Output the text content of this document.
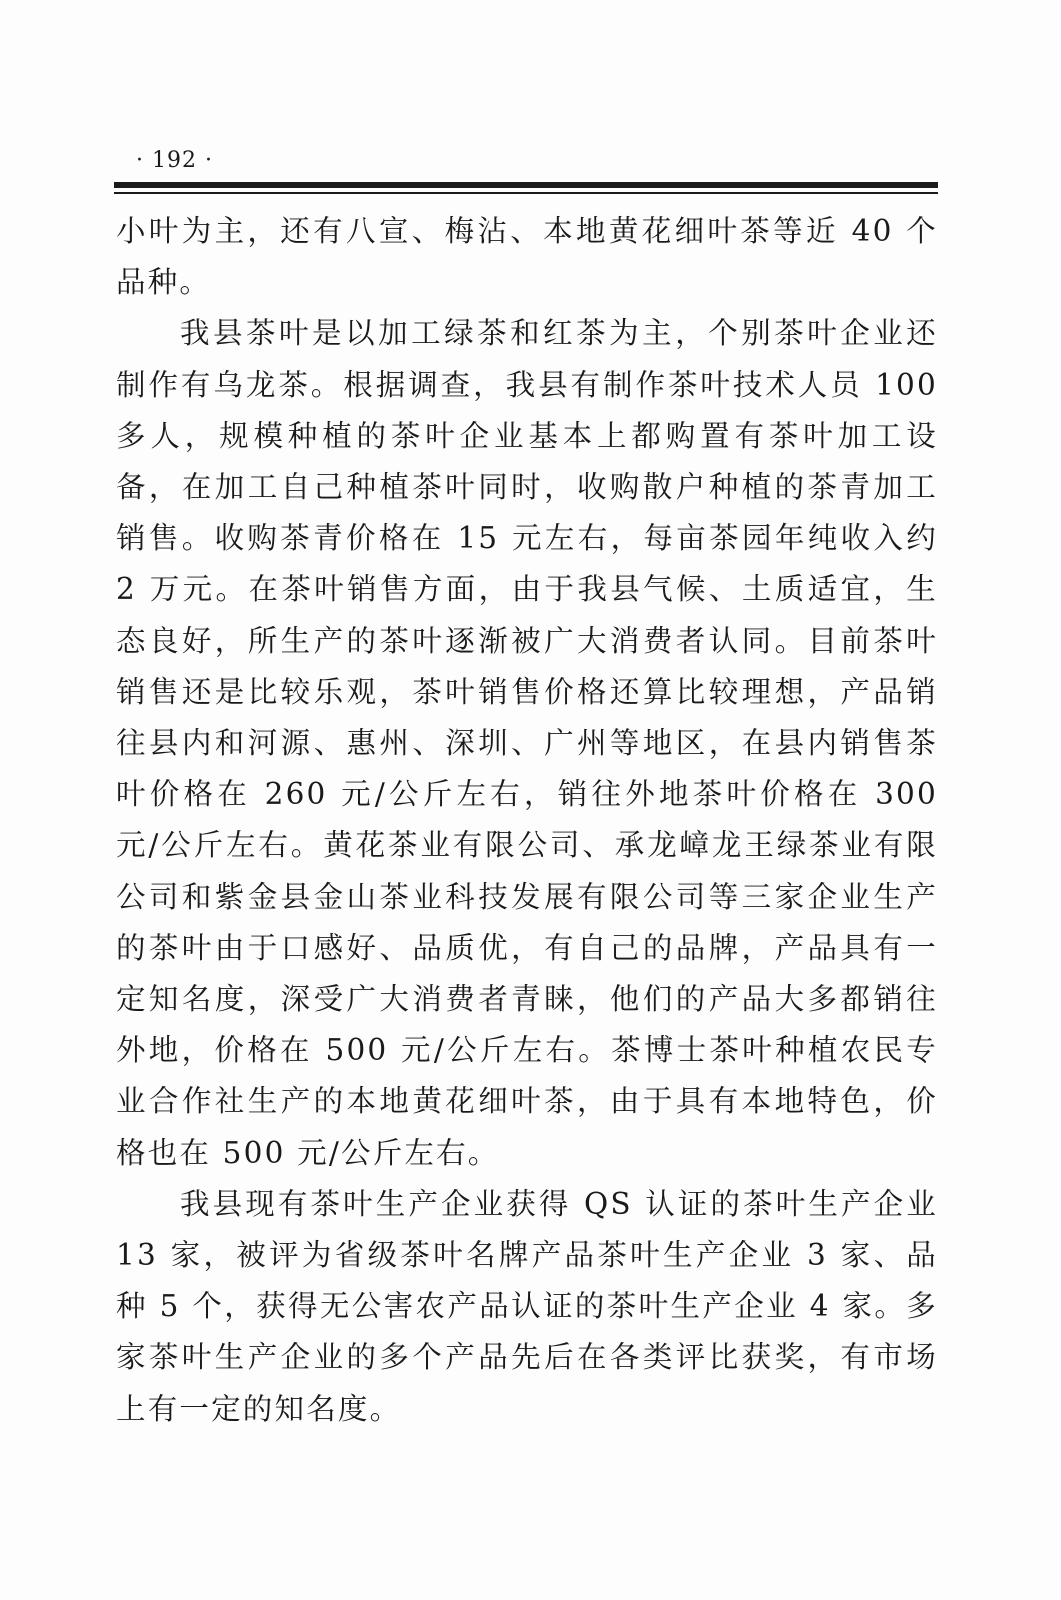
· 192 ·

小叶为主，还有八宣、梅沾、本地黄花细叶茶等近 40 个品种。

我县茶叶是以加工绿茶和红茶为主，个别茶叶企业还制作有乌龙茶。根据调查，我县有制作茶叶技术人员 100 多人，规模种植的茶叶企业基本上都购置有茶叶加工设备，在加工自己种植茶叶同时，收购散户种植的茶青加工销售。收购茶青价格在 15 元左右，每亩茶园年纯收入约 2 万元。在茶叶销售方面，由于我县气候、土质适宜，生态良好，所生产的茶叶逐渐被广大消费者认同。目前茶叶销售还是比较乐观，茶叶销售价格还算比较理想，产品销往县内和河源、惠州、深圳、广州等地区，在县内销售茶叶价格在 260 元/公斤左右，销往外地茶叶价格在 300 元/公斤左右。黄花茶业有限公司、承龙嶂龙王绿茶业有限公司和紫金县金山茶业科技发展有限公司等三家企业生产的茶叶由于口感好、品质优，有自己的品牌，产品具有一定知名度，深受广大消费者青睐，他们的产品大多都销往外地，价格在 500 元/公斤左右。茶博士茶叶种植农民专业合作社生产的本地黄花细叶茶，由于具有本地特色，价格也在 500 元/公斤左右。

我县现有茶叶生产企业获得 QS 认证的茶叶生产企业 13 家，被评为省级茶叶名牌产品茶叶生产企业 3 家、品种 5 个，获得无公害农产品认证的茶叶生产企业 4 家。多家茶叶生产企业的多个产品先后在各类评比获奖，有市场上有一定的知名度。
